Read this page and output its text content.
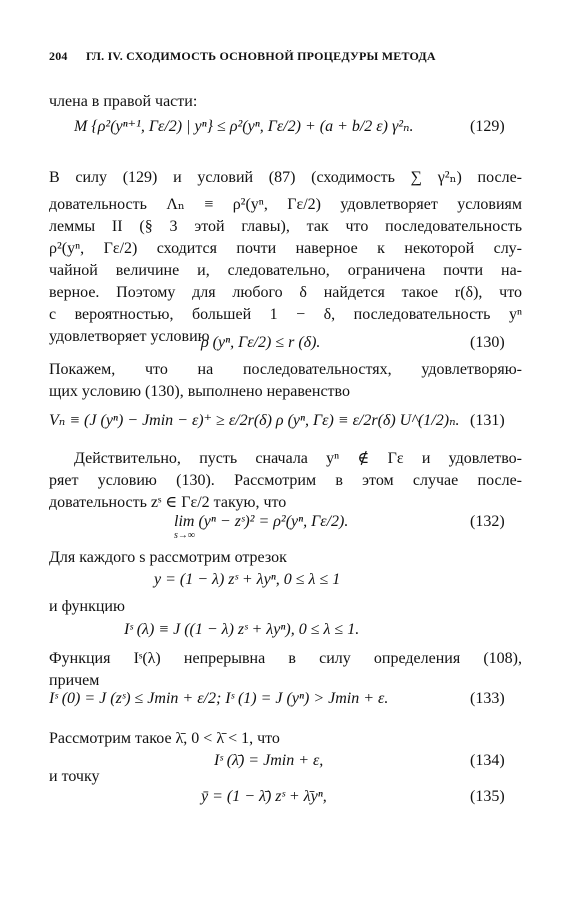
204 ГЛ. IV. СХОДИМОСТЬ ОСНОВНОЙ ПРОЦЕДУРЫ МЕТОДА
члена в правой части:
M {ρ²(yⁿ⁺¹, Γε/2) | yⁿ} ≤ ρ²(yⁿ, Γε/2) + (a + b/2 ε) γ²ₙ.	(129)
В силу (129) и условий (87) (сходимость ∑ γ²ₙ) после-
довательность Λₙ ≡ ρ²(yⁿ, Γε/2) удовлетворяет условиям
леммы II (§ 3 этой главы), так что последовательность
ρ²(yⁿ, Γε/2) сходится почти наверное к некоторой слу-
чайной величине и, следовательно, ограничена почти на-
верное. Поэтому для любого δ найдется такое r(δ), что
с вероятностью, большей 1 − δ, последовательность yⁿ
удовлетворяет условию
ρ (yⁿ, Γε/2) ≤ r (δ).	(130)
Покажем, что на последовательностях, удовлетворяю-
щих условию (130), выполнено неравенство
Vₙ ≡ (J (yⁿ) − Jmin − ε)⁺ ≥ ε/2r(δ) ρ (yⁿ, Γε) ≡ ε/2r(δ) U^(1/2)ₙ. (131)
Действительно, пусть сначала yⁿ ∉ Γε и удовлетво-
ряет условию (130). Рассмотрим в этом случае после-
довательность zˢ ∈ Γε/2 такую, что
lim (yⁿ − zˢ)² = ρ²(yⁿ, Γε/2).
s→∞
(132)
Для каждого s рассмотрим отрезок
y = (1 − λ) zˢ + λyⁿ, 0 ≤ λ ≤ 1
и функцию
Iˢ (λ) ≡ J ((1 − λ) zˢ + λyⁿ), 0 ≤ λ ≤ 1.
Функция Iˢ(λ) непрерывна в силу определения (108),
причем
Iˢ (0) = J (zˢ) ≤ Jmin + ε/2; Iˢ (1) = J (yⁿ) > Jmin + ε.	(133)
Рассмотрим такое λ̄, 0 < λ̄ < 1, что
Iˢ (λ̄) = Jmin + ε,	(134)
и точку
ȳ = (1 − λ̄) zˢ + λ̄yⁿ,	(135)
